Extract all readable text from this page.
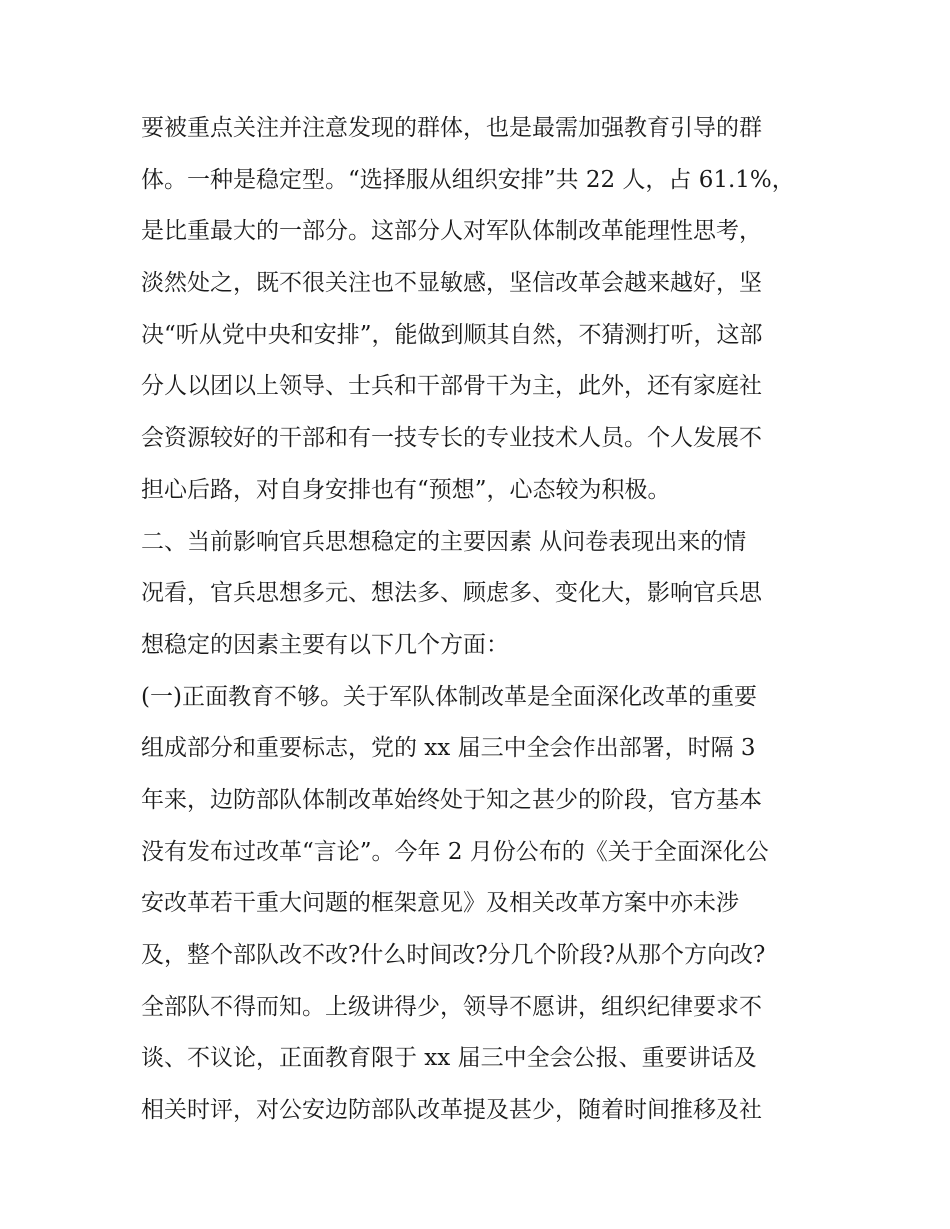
要被重点关注并注意发现的群体，也是最需加强教育引导的群
体。一种是稳定型。“选择服从组织安排”共 22 人，占 61.1%，
是比重最大的一部分。这部分人对军队体制改革能理性思考，
淡然处之，既不很关注也不显敏感，坚信改革会越来越好，坚
决“听从党中央和安排”，能做到顺其自然，不猜测打听，这部
分人以团以上领导、士兵和干部骨干为主，此外，还有家庭社
会资源较好的干部和有一技专长的专业技术人员。个人发展不
担心后路，对自身安排也有“预想”，心态较为积极。
二、当前影响官兵思想稳定的主要因素 从问卷表现出来的情
况看，官兵思想多元、想法多、顾虑多、变化大，影响官兵思
想稳定的因素主要有以下几个方面：
(一)正面教育不够。关于军队体制改革是全面深化改革的重要
组成部分和重要标志，党的 xx 届三中全会作出部署，时隔 3
年来，边防部队体制改革始终处于知之甚少的阶段，官方基本
没有发布过改革“言论”。今年 2 月份公布的《关于全面深化公
安改革若干重大问题的框架意见》及相关改革方案中亦未涉
及，整个部队改不改?什么时间改?分几个阶段?从那个方向改?
全部队不得而知。上级讲得少，领导不愿讲，组织纪律要求不
谈、不议论，正面教育限于 xx 届三中全会公报、重要讲话及
相关时评，对公安边防部队改革提及甚少，随着时间推移及社
